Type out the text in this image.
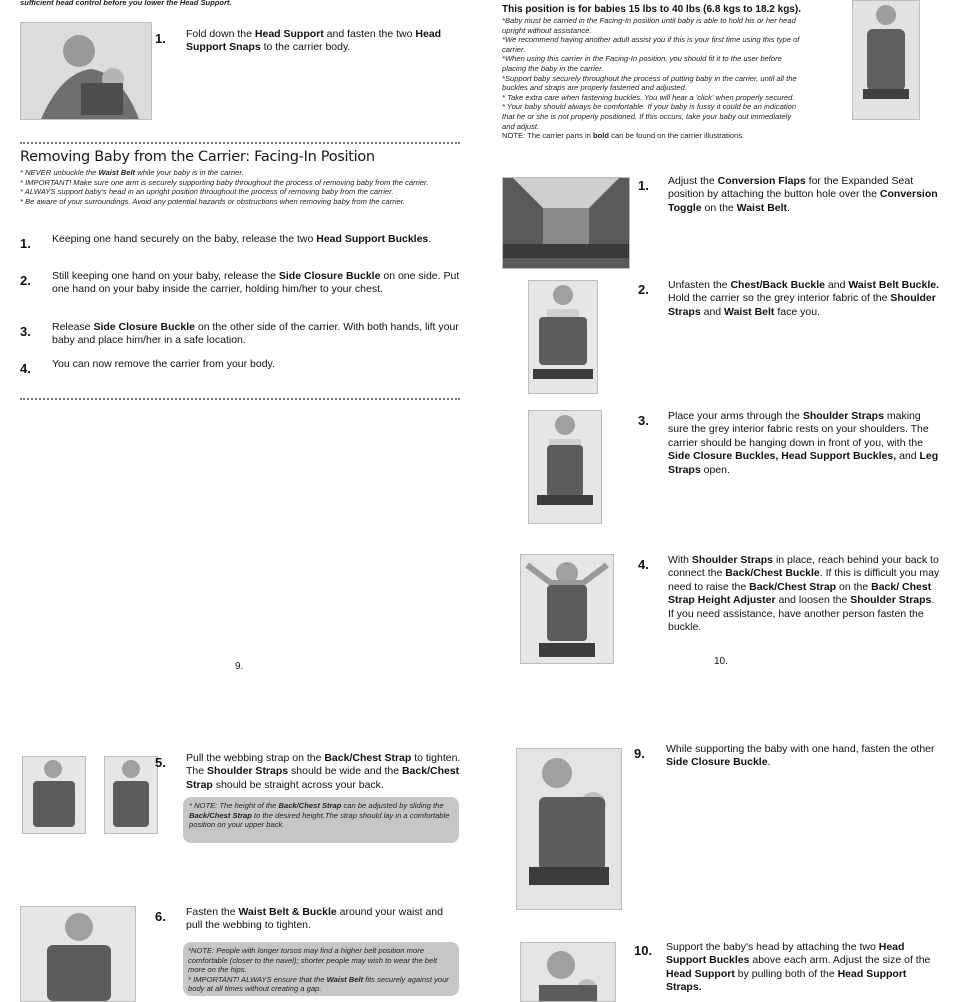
sufficient head control before you lower the Head Support.
1. Fold down the Head Support and fasten the two Head Support Snaps to the carrier body.
Removing Baby from the Carrier: Facing-In Position
* NEVER unbuckle the Waist Belt while your baby is in the carrier.
* IMPORTANT! Make sure one arm is securely supporting baby throughout the process of removing baby from the carrier.
* ALWAYS support baby's head in an upright position throughout the process of removing baby from the carrier.
* Be aware of your surroundings. Avoid any potential hazards or obstructions when removing baby from the carrier.
1. Keeping one hand securely on the baby, release the two Head Support Buckles.
2. Still keeping one hand on your baby, release the Side Closure Buckle on one side. Put one hand on your baby inside the carrier, holding him/her to your chest.
3. Release Side Closure Buckle on the other side of the carrier. With both hands, lift your baby and place him/her in a safe location.
4. You can now remove the carrier from your body.
9.
This position is for babies 15 lbs to 40 lbs (6.8 kgs to 18.2 kgs).
*Baby must be carried in the Facing-In position until baby is able to hold his or her head upright without assistance.
*We recommend having another adult assist you if this is your first time using this type of carrier.
*When using this carrier in the Facing-In position, you should fit it to the user before placing the baby in the carrier.
*Support baby securely throughout the process of putting baby in the carrier, until all the buckles and straps are properly fastened and adjusted.
* Take extra care when fastening buckles. You will hear a 'click' when properly secured.
* Your baby should always be comfortable. If your baby is fussy it could be an indication that he or she is not properly positioned. If this occurs, take your baby out immediately and adjust.
NOTE: The carrier parts in bold can be found on the carrier illustrations.
1. Adjust the Conversion Flaps for the Expanded Seat position by attaching the button hole over the Conversion Toggle on the Waist Belt.
2. Unfasten the Chest/Back Buckle and Waist Belt Buckle. Hold the carrier so the grey interior fabric of the Shoulder Straps and Waist Belt face you.
3. Place your arms through the Shoulder Straps making sure the grey interior fabric rests on your shoulders. The carrier should be hanging down in front of you, with the Side Closure Buckles, Head Support Buckles, and Leg Straps open.
4. With Shoulder Straps in place, reach behind your back to connect the Back/Chest Buckle. If this is difficult you may need to raise the Back/Chest Strap on the Back/ Chest Strap Height Adjuster and loosen the Shoulder Straps. If you need assistance, have another person fasten the buckle.
10.
5. Pull the webbing strap on the Back/Chest Strap to tighten. The Shoulder Straps should be wide and the Back/Chest Strap should be straight across your back.
* NOTE: The height of the Back/Chest Strap can be adjusted by sliding the Back/Chest Strap to the desired height.The strap should lay in a comfortable position on your upper back.
6. Fasten the Waist Belt & Buckle around your waist and pull the webbing to tighten.
*NOTE: People with longer torsos may find a higher belt position more comfortable (closer to the navel); shorter people may wish to wear the belt more on the hips.
* IMPORTANT! ALWAYS ensure that the Waist Belt fits securely against your body at all times without creating a gap.
9. While supporting the baby with one hand, fasten the other Side Closure Buckle.
10. Support the baby's head by attaching the two Head Support Buckles above each arm. Adjust the size of the Head Support by pulling both of the Head Support Straps.
